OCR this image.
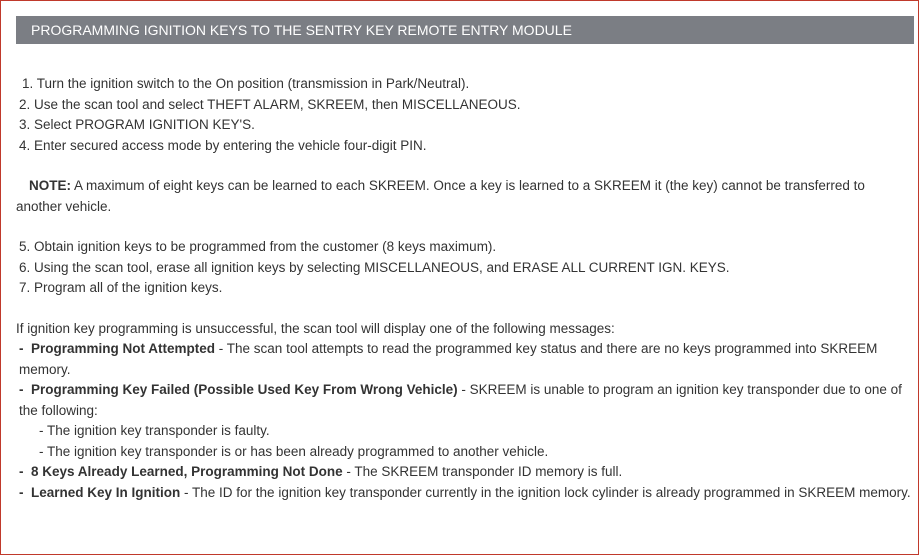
PROGRAMMING IGNITION KEYS TO THE SENTRY KEY REMOTE ENTRY MODULE
1. Turn the ignition switch to the On position (transmission in Park/Neutral).
2. Use the scan tool and select THEFT ALARM, SKREEM, then MISCELLANEOUS.
3. Select PROGRAM IGNITION KEY'S.
4. Enter secured access mode by entering the vehicle four-digit PIN.
NOTE: A maximum of eight keys can be learned to each SKREEM. Once a key is learned to a SKREEM it (the key) cannot be transferred to another vehicle.
5. Obtain ignition keys to be programmed from the customer (8 keys maximum).
6. Using the scan tool, erase all ignition keys by selecting MISCELLANEOUS, and ERASE ALL CURRENT IGN. KEYS.
7. Program all of the ignition keys.
If ignition key programming is unsuccessful, the scan tool will display one of the following messages:
- Programming Not Attempted - The scan tool attempts to read the programmed key status and there are no keys programmed into SKREEM memory.
- Programming Key Failed (Possible Used Key From Wrong Vehicle) - SKREEM is unable to program an ignition key transponder due to one of the following:
- The ignition key transponder is faulty.
- The ignition key transponder is or has been already programmed to another vehicle.
- 8 Keys Already Learned, Programming Not Done - The SKREEM transponder ID memory is full.
- Learned Key In Ignition - The ID for the ignition key transponder currently in the ignition lock cylinder is already programmed in SKREEM memory.
